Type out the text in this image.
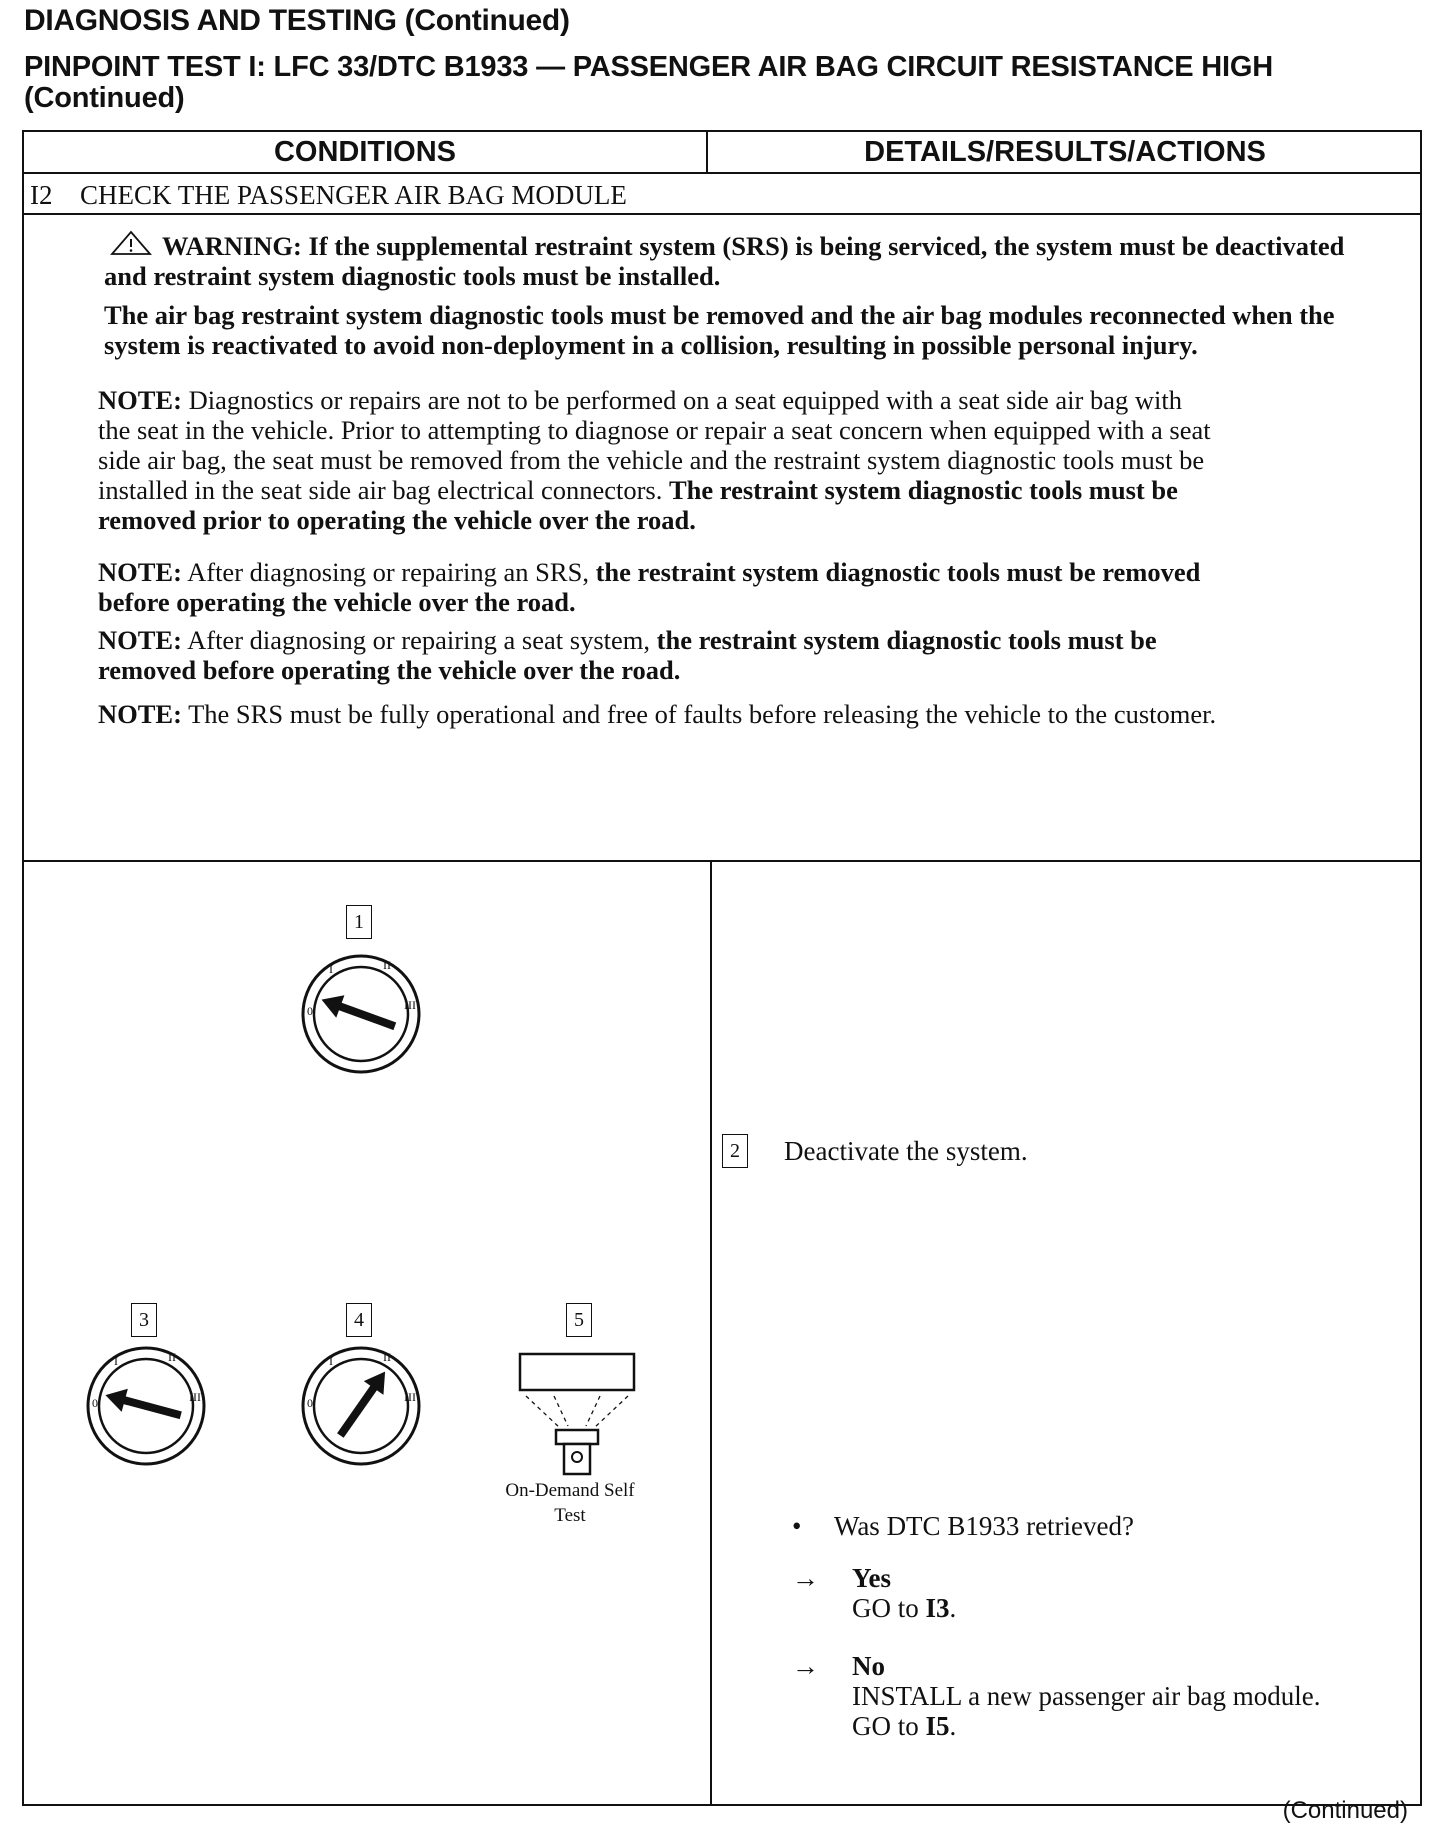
DIAGNOSIS AND TESTING (Continued)
PINPOINT TEST I: LFC 33/DTC B1933 — PASSENGER AIR BAG CIRCUIT RESISTANCE HIGH (Continued)
CONDITIONS	DETAILS/RESULTS/ACTIONS
I2 CHECK THE PASSENGER AIR BAG MODULE
WARNING: If the supplemental restraint system (SRS) is being serviced, the system must be deactivated and restraint system diagnostic tools must be installed.
The air bag restraint system diagnostic tools must be removed and the air bag modules reconnected when the system is reactivated to avoid non-deployment in a collision, resulting in possible personal injury.
NOTE: Diagnostics or repairs are not to be performed on a seat equipped with a seat side air bag with the seat in the vehicle. Prior to attempting to diagnose or repair a seat concern when equipped with a seat side air bag, the seat must be removed from the vehicle and the restraint system diagnostic tools must be installed in the seat side air bag electrical connectors. The restraint system diagnostic tools must be removed prior to operating the vehicle over the road.
NOTE: After diagnosing or repairing an SRS, the restraint system diagnostic tools must be removed before operating the vehicle over the road.
NOTE: After diagnosing or repairing a seat system, the restraint system diagnostic tools must be removed before operating the vehicle over the road.
NOTE: The SRS must be fully operational and free of faults before releasing the vehicle to the customer.
1
0
I	II
III
3
0
I	II
III
4
0
I	II
III
5
On-Demand Self
Test
2 Deactivate the system.
• Was DTC B1933 retrieved?
→ Yes
GO to I3.
→ No
INSTALL a new passenger air bag module.
GO to I5.
(Continued)
